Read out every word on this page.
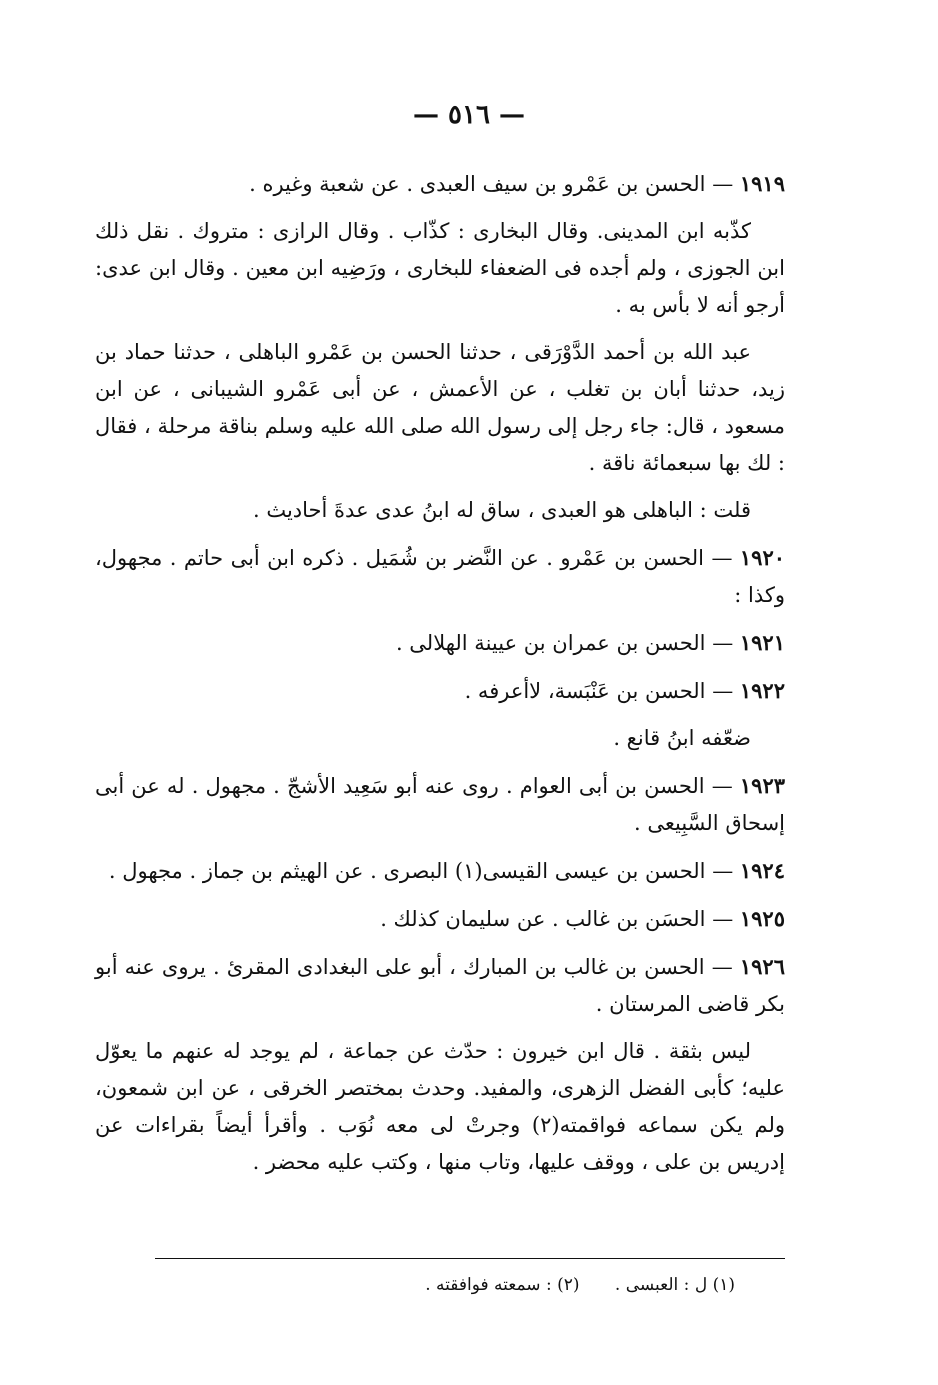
— ٥١٦ —

١٩١٩ — الحسن بن عَمْرو بن سيف العبدى . عن شعبة وغيره .

كذّبه ابن المدينى. وقال البخارى : كذّاب . وقال الرازى : متروك . نقل ذلك ابن الجوزى ، ولم أجده فى الضعفاء للبخارى ، ورَضِيه ابن معين . وقال ابن عدى: أرجو أنه لا بأس به .

عبد الله بن أحمد الدَّوْرَقى ، حدثنا الحسن بن عَمْرو الباهلى ، حدثنا حماد بن زيد، حدثنا أبان بن تغلب ، عن الأعمش ، عن أبى عَمْرو الشيبانى ، عن ابن مسعود ، قال: جاء رجل إلى رسول الله صلى الله عليه وسلم بناقة مرحلة ، فقال : لك بها سبعمائة ناقة .

قلت : الباهلى هو العبدى ، ساق له ابنُ عدى عدةَ أحاديث .

١٩٢٠ — الحسن بن عَمْرو . عن النَّضر بن شُمَيل . ذكره ابن أبى حاتم . مجهول، وكذا :

١٩٢١ — الحسن بن عمران بن عيينة الهلالى .

١٩٢٢ — الحسن بن عَنْبَسة، لاأعرفه .

ضعّفه ابنُ قانع .

١٩٢٣ — الحسن بن أبى العوام . روى عنه أبو سَعِيد الأشجّ . مجهول . له عن أبى إسحاق السَّبِيعى .

١٩٢٤ — الحسن بن عيسى القيسى(١) البصرى . عن الهيثم بن جماز . مجهول .

١٩٢٥ — الحسَن بن غالب . عن سليمان كذلك .

١٩٢٦ — الحسن بن غالب بن المبارك ، أبو على البغدادى المقرئ . يروى عنه أبو بكر قاضى المرستان .

ليس بثقة . قال ابن خيرون : حدّث عن جماعة ، لم يوجد له عنهم ما يعوّل عليه؛ كأبى الفضل الزهرى، والمفيد. وحدث بمختصر الخرقى ، عن ابن شمعون، ولم يكن سماعه فواقمته(٢) وجرتْ لى معه نُوَب . وأقرأ أيضاً بقراءات عن إدريس بن على ، ووقف عليها، وتاب منها ، وكتب عليه محضر .

(١) ل : العبسى . (٢) : سمعته فوافقته .
